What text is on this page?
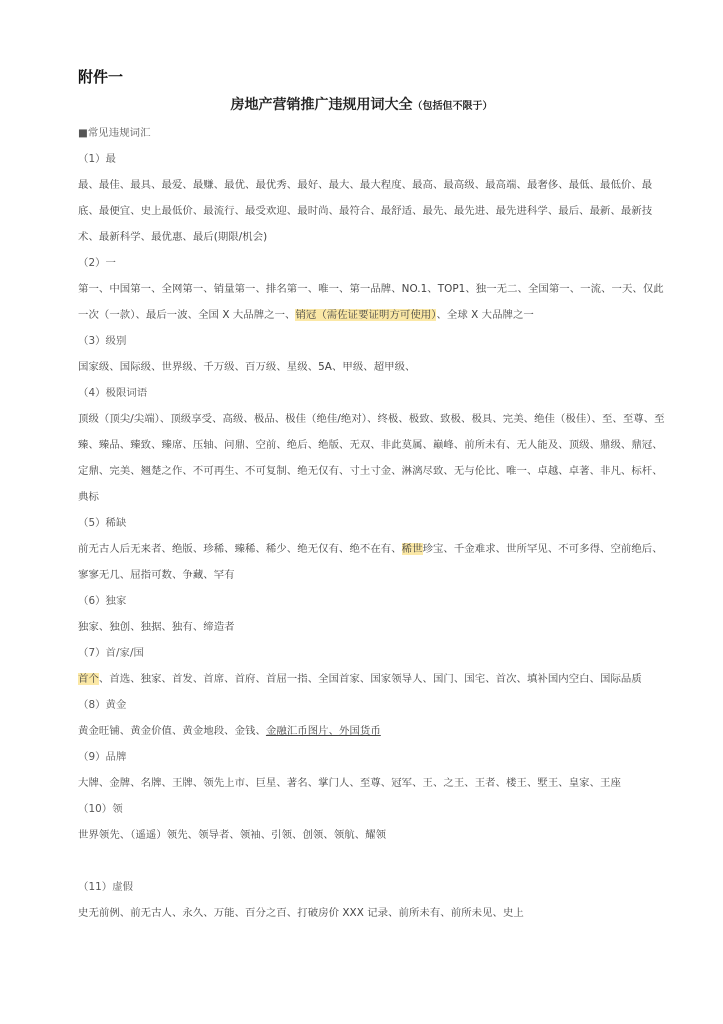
附件一
房地产营销推广违规用词大全（包括但不限于）
■常见违规词汇
（1）最
最、最佳、最具、最爱、最赚、最优、最优秀、最好、最大、最大程度、最高、最高级、最高端、最奢侈、最低、最低价、最
底、最便宜、史上最低价、最流行、最受欢迎、最时尚、最符合、最舒适、最先、最先进、最先进科学、最后、最新、最新技
术、最新科学、最优惠、最后(期限/机会)
（2）一
第一、中国第一、全网第一、销量第一、排名第一、唯一、第一品牌、NO.1、TOP1、独一无二、全国第一、一流、一天、仅此
一次（一款）、最后一波、全国 X 大品牌之一、销冠（需佐证要证明方可使用）、全球 X 大品牌之一
（3）级别
国家级、国际级、世界级、千万级、百万级、星级、5A、甲级、超甲级、
（4）极限词语
顶级（顶尖/尖端）、顶级享受、高级、极品、极佳（绝佳/绝对）、终极、极致、致极、极具、完美、绝佳（极佳）、至、至尊、至臻、臻品、臻致、臻席、压轴、问鼎、空前、绝后、绝版、无双、非此莫属、巅峰、前所未有、无人能及、顶级、鼎级、鼎冠、定鼎、完美、翘楚之作、不可再生、不可复制、绝无仅有、寸土寸金、淋漓尽致、无与伦比、唯一、卓越、卓著、非凡、标杆、典标
（5）稀缺
前无古人后无来者、绝版、珍稀、臻稀、稀少、绝无仅有、绝不在有、稀世珍宝、千金难求、世所罕见、不可多得、空前绝后、寥寥无几、屈指可数、争藏、罕有
（6）独家
独家、独创、独据、独有、缔造者
（7）首/家/国
首个、首选、独家、首发、首席、首府、首屈一指、全国首家、国家领导人、国门、国宅、首次、填补国内空白、国际品质
（8）黄金
黄金旺铺、黄金价值、黄金地段、金钱、金融汇币图片、外国货币
（9）品牌
大牌、金牌、名牌、王牌、领先上市、巨星、著名、掌门人、至尊、冠军、王、之王、王者、楼王、墅王、皇家、王座
（10）领
世界领先、（遥遥）领先、领导者、领袖、引领、创领、领航、耀领
（11）虚假
史无前例、前无古人、永久、万能、百分之百、打破房价 XXX 记录、前所未有、前所未见、史上
